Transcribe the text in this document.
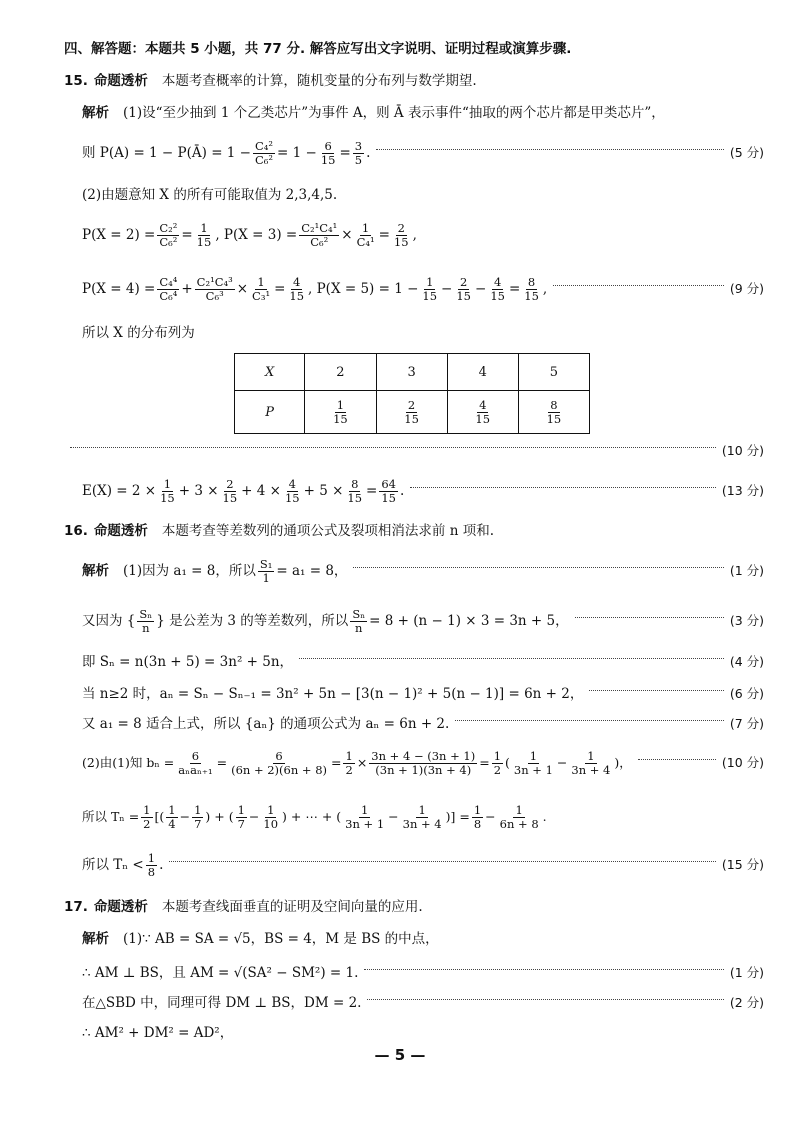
四、解答题：本题共 5 小题，共 77 分. 解答应写出文字说明、证明过程或演算步骤.
15. 命题透析 本题考查概率的计算，随机变量的分布列与数学期望.
解析 (1)设“至少抽到 1 个乙类芯片”为事件 A，则 Ā 表示事件“抽取的两个芯片都是甲类芯片”，
则 P(A) = 1 − P(Ā) = $1 - \frac{\text{C₄²}}{\text{C₆²}} = 1 - \frac{6}{15} = \frac{3}{5}$ .	(5 分)
(2)由题意知 X 的所有可能取值为 2,3,4,5.
$P(X = 2) = \frac{\text{C₂²}}{\text{C₆²}} = \frac{1}{15}$ , $P(X = 3) = \frac{\text{C₂¹C₄¹}}{\text{C₆²}} \times \frac{1}{\text{C₄¹}} = \frac{2}{15}$ ,
$P(X = 4) = \frac{\text{C₄⁴}}{\text{C₆⁴}} + \frac{\text{C₂¹C₄³}}{\text{C₆³}} \times \frac{1}{\text{C₃¹}} = \frac{4}{15}$ , $P(X = 5) = 1 - \frac{1}{15} - \frac{2}{15} - \frac{4}{15} = \frac{8}{15}$ ,	(9 分)
所以 X 的分布列为
X	2	3	4	5
P	$\frac{1}{15}$	$\frac{2}{15}$	$\frac{4}{15}$	$\frac{8}{15}$
(10 分)
$E(X) = 2 \times \frac{1}{15} + 3 \times \frac{2}{15} + 4 \times \frac{4}{15} + 5 \times \frac{8}{15} = \frac{64}{15}$ .	(13 分)
16. 命题透析 本题考查等差数列的通项公式及裂项相消法求前 n 项和.
解析 (1)因为 a₁ = 8，所以 $\frac{\text{S₁}}{1} = a_1 = 8$，	(1 分)
又因为 { $\frac{\text{Sₙ}}{n}$ } 是公差为 3 的等差数列，所以 $\frac{\text{Sₙ}}{n} = 8 + (n - 1) \times 3 = 3n + 5$，	(3 分)
即 Sₙ = n(3n + 5) = 3n² + 5n，	(4 分)
当 n≥2 时，aₙ = Sₙ − Sₙ₋₁ = 3n² + 5n − [3(n − 1)² + 5(n − 1)] = 6n + 2，	(6 分)
又 a₁ = 8 适合上式，所以 {aₙ} 的通项公式为 aₙ = 6n + 2.	(7 分)
(2)由(1)知 $b_n = \frac{6}{\text{aₙaₙ₊₁}} = \frac{6}{(6n + 2)(6n + 8)} = \frac{1}{2} \times \frac{3n + 4 - (3n + 1)}{(3n + 1)(3n + 4)} = \frac{1}{2}$ ( $\frac{1}{3n + 1} - \frac{1}{3n + 4}$ )，	(10 分)
所以 $T_n = \frac{1}{2}$ [( $\frac{1}{4} - \frac{1}{7}$ ) + ( $\frac{1}{7} - \frac{1}{10}$ ) + ⋯ + ( $\frac{1}{3n + 1} - \frac{1}{3n + 4}$ )] = $\frac{1}{8} - \frac{1}{6n + 8}$ .
所以 $T_n < \frac{1}{8}$ .	(15 分)
17. 命题透析 本题考查线面垂直的证明及空间向量的应用.
解析 (1)∵ AB = SA = √5，BS = 4，M 是 BS 的中点，
∴ AM ⊥ BS，且 AM = √(SA² − SM²) = 1.	(1 分)
在△SBD 中，同理可得 DM ⊥ BS，DM = 2.	(2 分)
∴ AM² + DM² = AD²，
— 5 —
